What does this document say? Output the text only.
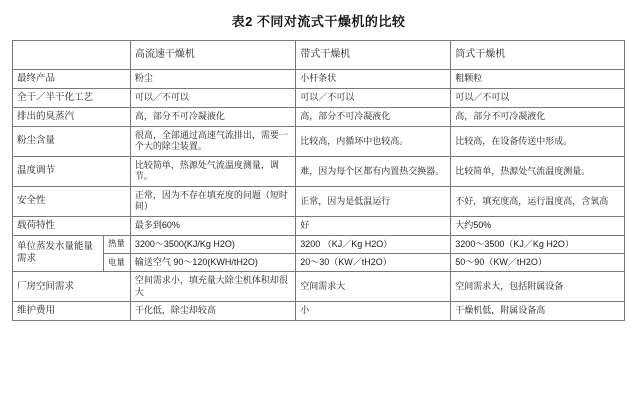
表2 不同对流式干燥机的比较
		高流速干燥机	带式干燥机	筒式干燥机
最终产品		粉尘	小杆条状	粗颗粒
全干／半干化工艺		可以／不可以	可以／不可以	可以／不可以
排出的臭蒸汽		高，部分不可冷凝液化	高，部分不可冷凝液化	高，部分不可冷凝液化
粉尘含量		很高，全部通过高速气流排出，需要一个大的除尘装置。	比较高，内循环中也较高。	比较高，在设备传送中形成。
温度调节		比较简单，热源处气流温度测量，调节。	难，因为每个区都有内置热交换器。	比较简单，热源处气流温度测量。
安全性		正常，因为不存在填充度的问题（短时间）	正常，因为是低温运行	不好，填充度高，运行温度高，含氧高
载荷特性		最多到60%	好	大约50%
单位蒸发水量能量需求	热量	3200～3500(KJ/Kg H2O)	3200 （KJ／Kg H2O）	3200～3500（KJ／Kg H2O）
	电量	输送空气 90～120(KWH/tH2O)	20～30（KW／tH2O）	50～90（KW／tH2O）
厂房空间需求		空间需求小，填充量大除尘机体积却很大	空间需求大	空间需求大，包括附属设备
维护费用		干化低，除尘却较高	小	干燥机低，附属设备高
